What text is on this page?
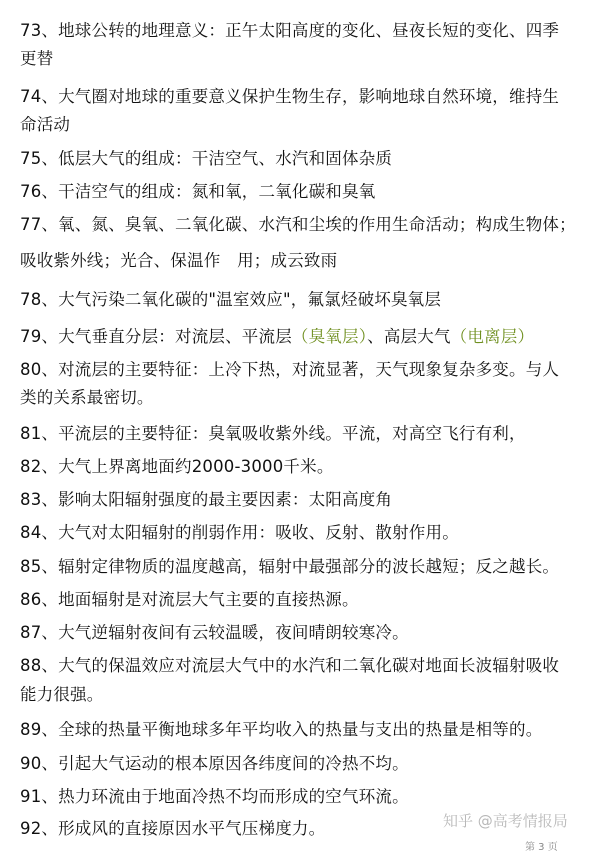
73、地球公转的地理意义：正午太阳高度的变化、昼夜长短的变化、四季
更替
74、大气圈对地球的重要意义保护生物生存，影响地球自然环境，维持生
命活动
75、低层大气的组成：干洁空气、水汽和固体杂质
76、干洁空气的组成：氮和氧，二氧化碳和臭氧
77、氧、氮、臭氧、二氧化碳、水汽和尘埃的作用生命活动；构成生物体；
吸收紫外线；光合、保温作　用；成云致雨
78、大气污染二氧化碳的"温室效应"，氟氯烃破坏臭氧层
79、大气垂直分层：对流层、平流层（臭氧层）、高层大气（电离层）
80、对流层的主要特征：上冷下热，对流显著，天气现象复杂多变。与人
类的关系最密切。
81、平流层的主要特征：臭氧吸收紫外线。平流，对高空飞行有利，
82、大气上界离地面约2000-3000千米。
83、影响太阳辐射强度的最主要因素：太阳高度角
84、大气对太阳辐射的削弱作用：吸收、反射、散射作用。
85、辐射定律物质的温度越高，辐射中最强部分的波长越短；反之越长。
86、地面辐射是对流层大气主要的直接热源。
87、大气逆辐射夜间有云较温暖，夜间晴朗较寒冷。
88、大气的保温效应对流层大气中的水汽和二氧化碳对地面长波辐射吸收
能力很强。
89、全球的热量平衡地球多年平均收入的热量与支出的热量是相等的。
90、引起大气运动的根本原因各纬度间的冷热不均。
91、热力环流由于地面冷热不均而形成的空气环流。
92、形成风的直接原因水平气压梯度力。	知乎 @高考情报局
第 3 页
